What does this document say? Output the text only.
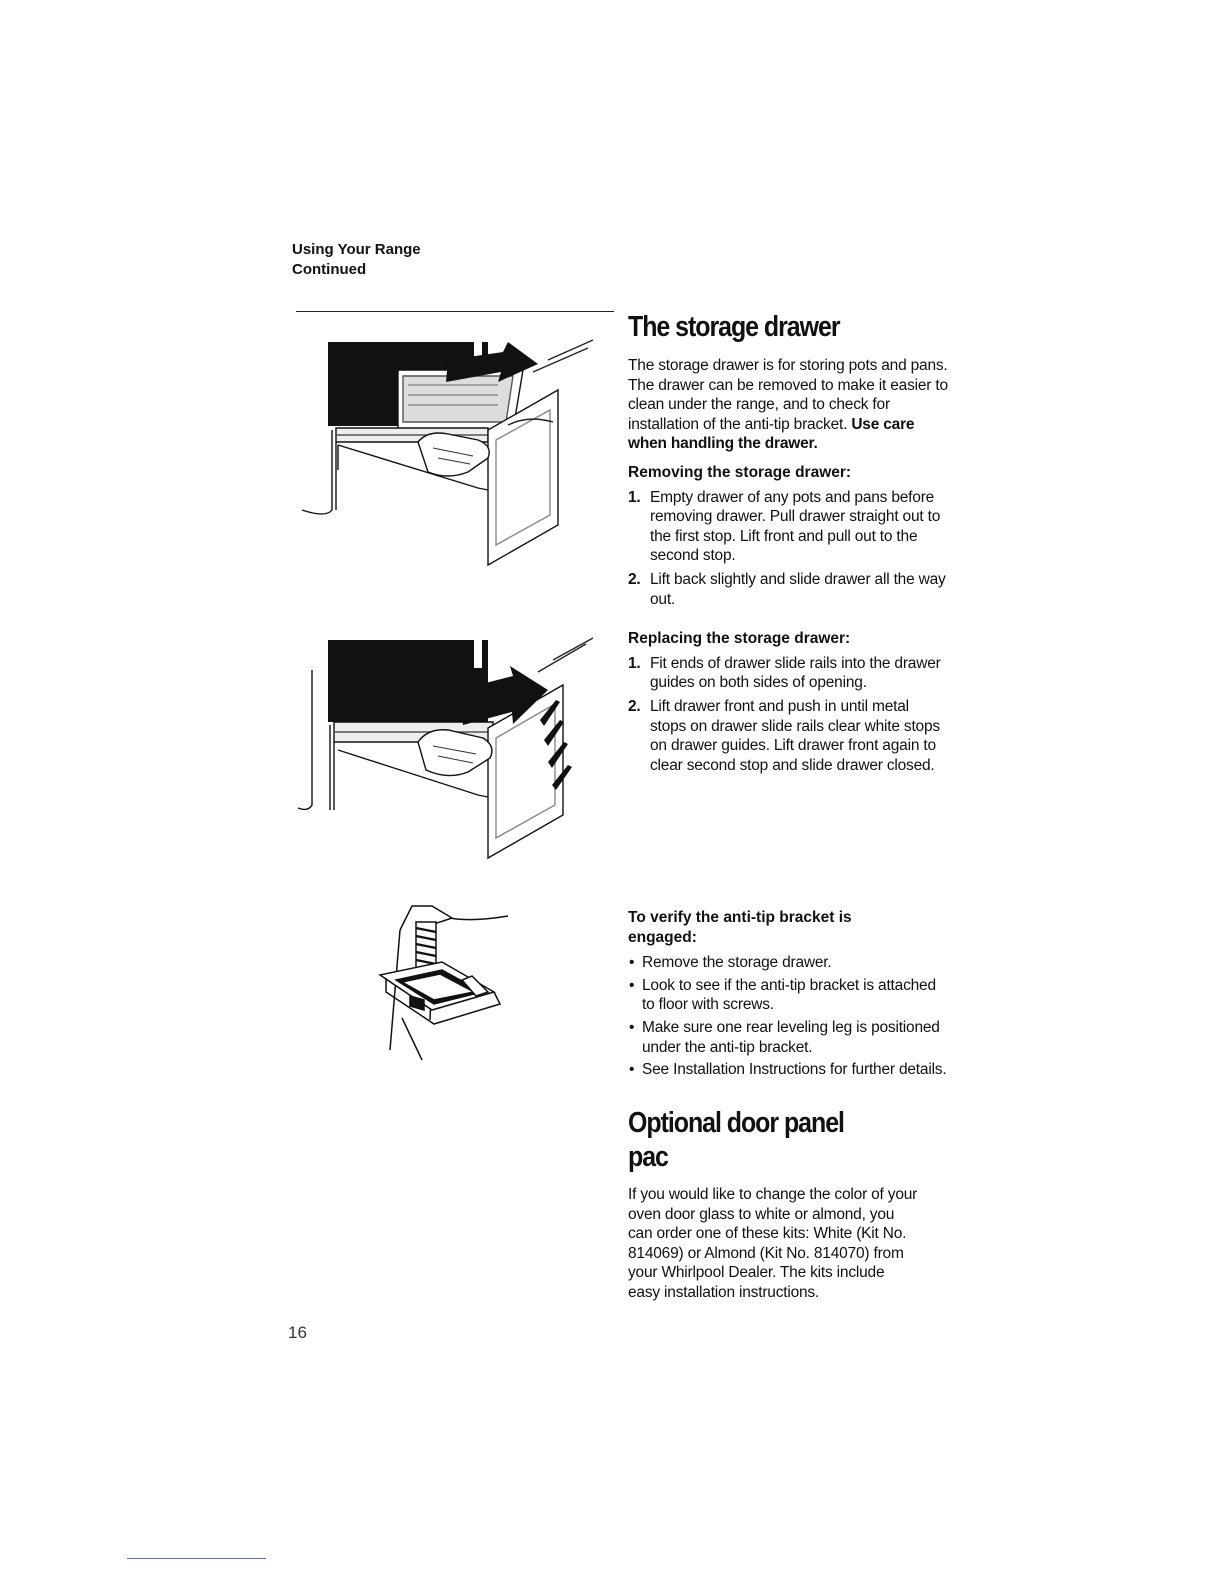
Using Your Range
Continued
The storage drawer

The storage drawer is for storing pots and pans. The drawer can be removed to make it easier to clean under the range, and to check for installation of the anti-tip bracket. Use care when handling the drawer.

Removing the storage drawer:
1. Empty drawer of any pots and pans before removing drawer. Pull drawer straight out to the first stop. Lift front and pull out to the second stop.
2. Lift back slightly and slide drawer all the way out.
Replacing the storage drawer:
1. Fit ends of drawer slide rails into the drawer guides on both sides of opening.
2. Lift drawer front and push in until metal stops on drawer slide rails clear white stops on drawer guides. Lift drawer front again to clear second stop and slide drawer closed.
To verify the anti-tip bracket is engaged:
• Remove the storage drawer.
• Look to see if the anti-tip bracket is attached to floor with screws.
• Make sure one rear leveling leg is positioned under the anti-tip bracket.
• See Installation Instructions for further details.
Optional door panel pac

If you would like to change the color of your oven door glass to white or almond, you can order one of these kits: White (Kit No. 814069) or Almond (Kit No. 814070) from your Whirlpool Dealer. The kits include easy installation instructions.

16
